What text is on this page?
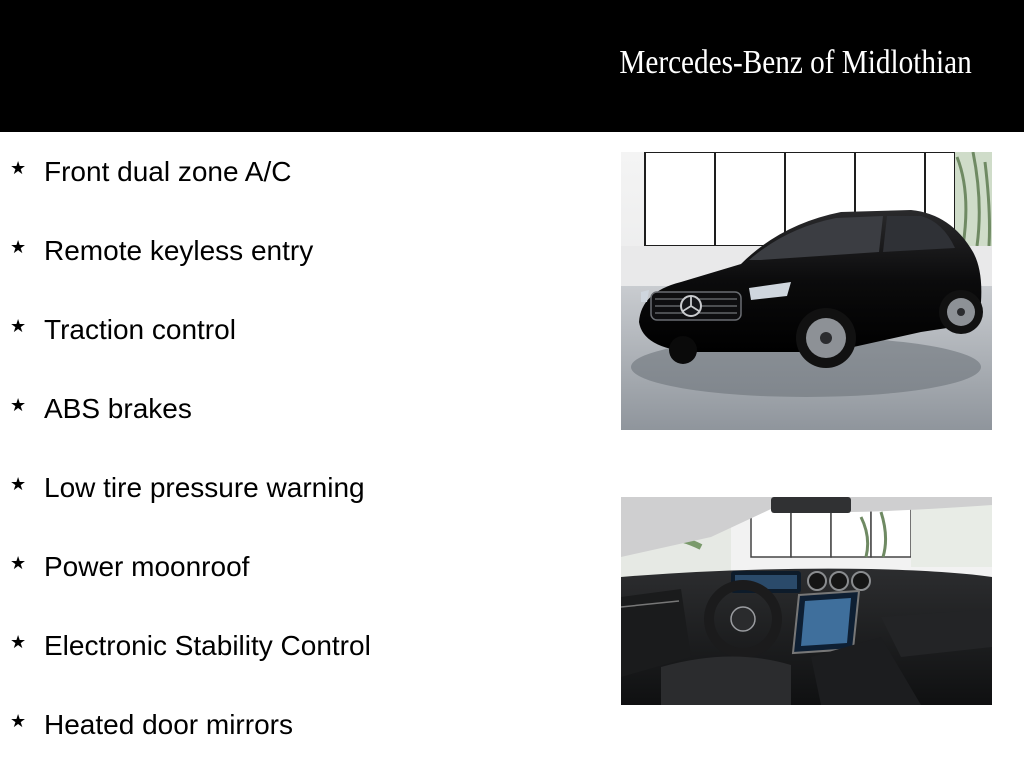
Mercedes-Benz of Midlothian
★ Front dual zone A/C
★ Remote keyless entry
★ Traction control
★ ABS brakes
★ Low tire pressure warning
★ Power moonroof
★ Electronic Stability Control
★ Heated door mirrors
